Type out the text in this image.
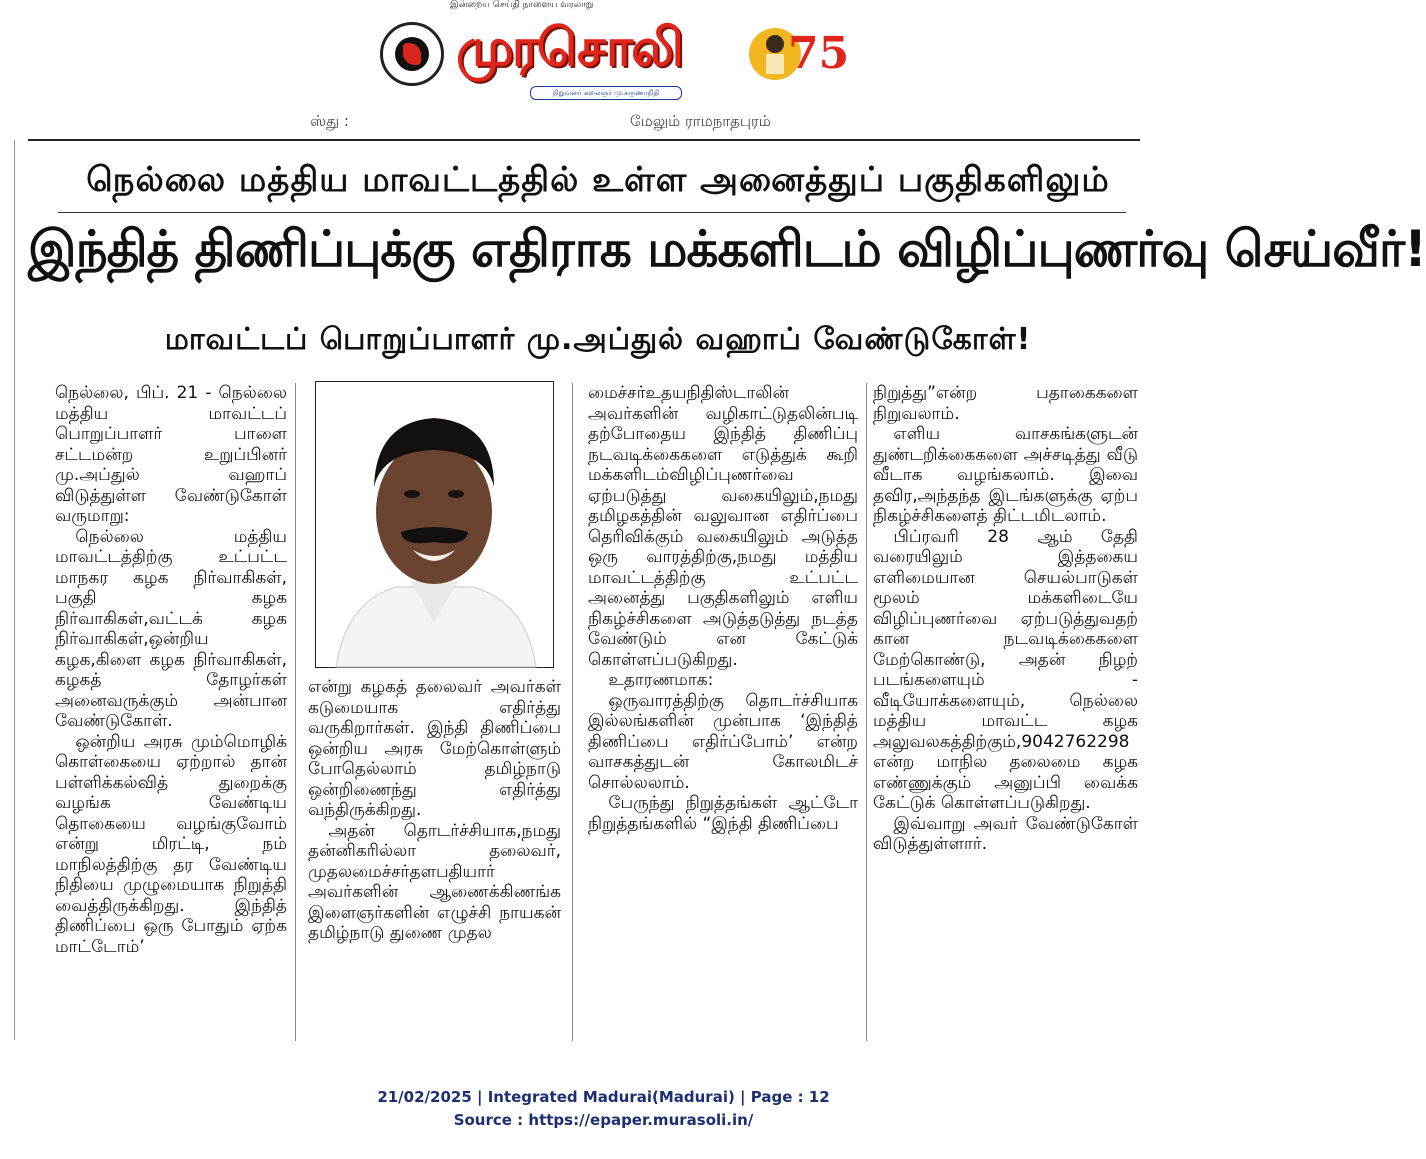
இன்றைய செய்தி நாளைய வரலாறு
முரசொலி
நிறுவனர் கலைஞர் மு.கருணாநிதி
75
ஸ்து :	மேலும் ராமநாதபுரம்
நெல்லை மத்திய மாவட்டத்தில் உள்ள அனைத்துப் பகுதிகளிலும்
இந்தித் திணிப்புக்கு எதிராக மக்களிடம் விழிப்புணர்வு செய்வீர்!
மாவட்டப் பொறுப்பாளர் மு.அப்துல் வஹாப் வேண்டுகோள்!

நெல்லை, பிப். 21 - நெல்லை மத்திய மாவட்டப் பொறுப்பாளர் பாளை சட்டமன்ற உறுப்பினர் மு.அப்துல் வஹாப் விடுத்துள்ள வேண்டுகோள் வருமாறு:

நெல்லை மத்திய மாவட்டத்திற்கு உட்பட்ட மாநகர கழக நிர்வாகிகள், பகுதி கழக நிர்வாகிகள்,வட்டக் கழக நிர்வாகிகள்,ஒன்றிய கழக,கிளை கழக நிர்வாகிகள், கழகத் தோழர்கள் அனைவருக்கும் அன்பான வேண்டுகோள்.

ஒன்றிய அரசு மும்மொழிக் கொள்கையை ஏற்றால் தான் பள்ளிக்கல்வித் துறைக்கு வழங்க வேண்டிய தொகையை வழங்குவோம் என்று மிரட்டி, நம் மாநிலத்திற்கு தர வேண்டிய நிதியை முழுமையாக நிறுத்தி வைத்திருக்கிறது. இந்தித் திணிப்பை ஒரு போதும் ஏற்க மாட்டோம்’

என்று கழகத் தலைவர் அவர்கள் கடுமையாக எதிர்த்து வருகிறார்கள். இந்தி திணிப்பை ஒன்றிய அரசு மேற்கொள்ளும் போதெல்லாம் தமிழ்நாடு ஒன்றிணைந்து எதிர்த்து வந்திருக்கிறது.

அதன் தொடர்ச்சியாக,நமது தன்னிகரில்லா தலைவர், முதலமைச்சர்தளபதியார் அவர்களின் ஆணைக்கிணங்க இளைஞர்களின் எழுச்சி நாயகன் தமிழ்நாடு துணை முதல

மைச்சர்உதயநிதிஸ்டாலின் அவர்களின் வழிகாட்டுதலின்படி தற்போதைய இந்தித் திணிப்பு நடவடிக்கைகளை எடுத்துக் கூறி மக்களிடம்விழிப்புணர்வை ஏற்படுத்து வகையிலும்,நமது தமிழகத்தின் வலுவான எதிர்ப்பை தெரிவிக்கும் வகையிலும் அடுத்த ஒரு வாரத்திற்கு,நமது மத்திய மாவட்டத்திற்கு உட்பட்ட அனைத்து பகுதிகளிலும் எளிய நிகழ்ச்சிகளை அடுத்தடுத்து நடத்த வேண்டும் என கேட்டுக் கொள்ளப்படுகிறது.

உதாரணமாக:

ஒருவாரத்திற்கு தொடர்ச்சியாக இல்லங்களின் முன்பாக ‘இந்தித் திணிப்பை எதிர்ப்போம்’ என்ற வாசகத்துடன் கோலமிடச் சொல்லலாம்.

பேருந்து நிறுத்தங்கள் ஆட்டோ நிறுத்தங்களில் “இந்தி திணிப்பை

நிறுத்து”என்ற பதாகைகளை நிறுவலாம்.

எளிய வாசகங்களுடன் துண்டறிக்கைகளை அச்சடித்து வீடு வீடாக வழங்கலாம். இவை தவிர,அந்தந்த இடங்களுக்கு ஏற்ப நிகழ்ச்சிகளைத் திட்டமிடலாம்.

பிப்ரவரி 28 ஆம் தேதி வரையிலும் இத்தகைய எளிமையான செயல்பாடுகள் மூலம் மக்களிடையே விழிப்புணர்வை ஏற்படுத்துவதற் கான நடவடிக்கைகளை மேற்கொண்டு, அதன் நிழற் படங்களையும் - வீடியோக்களையும், நெல்லை மத்திய மாவட்ட கழக அலுவலகத்திற்கும்,9042762298 என்ற மாநில தலைமை கழக எண்ணுக்கும் அனுப்பி வைக்க கேட்டுக் கொள்ளப்படுகிறது.

இவ்வாறு அவர் வேண்டுகோள் விடுத்துள்ளார்.

21/02/2025 | Integrated Madurai(Madurai) | Page : 12
Source : https://epaper.murasoli.in/
